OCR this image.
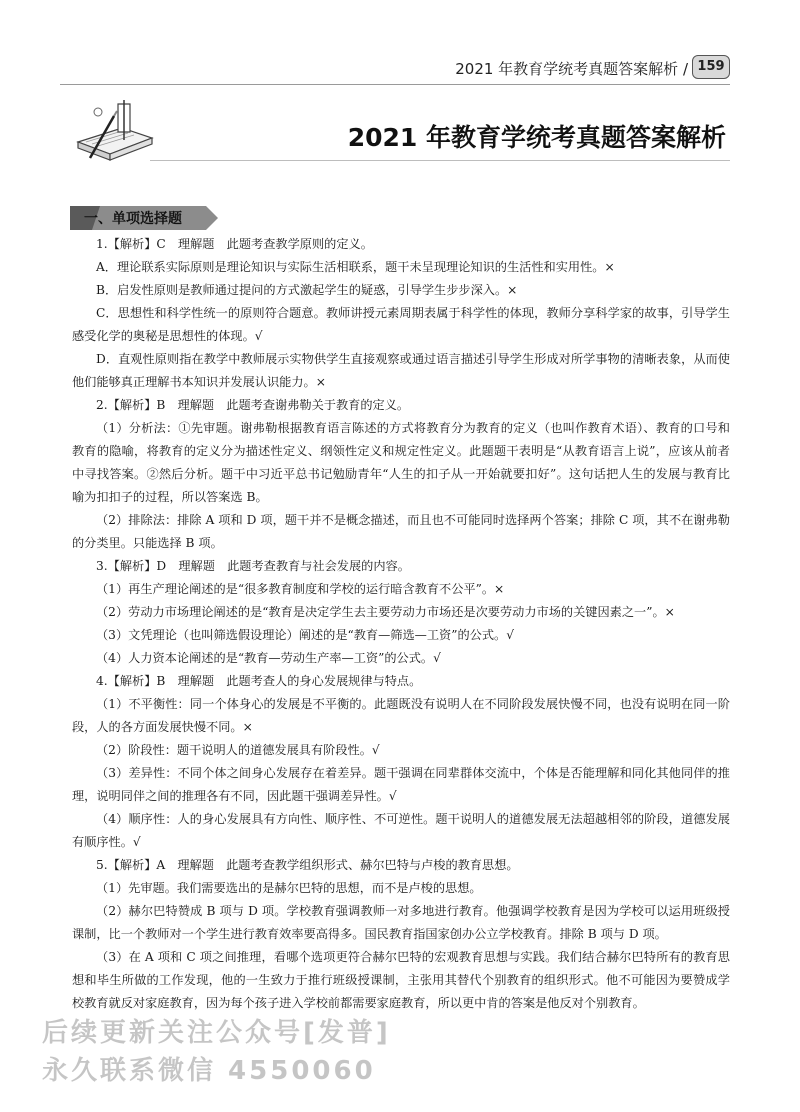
2021 年教育学统考真题答案解析 / 159
2021 年教育学统考真题答案解析
一、单项选择题

1.【解析】C　理解题　此题考查教学原则的定义。

A．理论联系实际原则是理论知识与实际生活相联系，题干未呈现理论知识的生活性和实用性。×

B．启发性原则是教师通过提问的方式激起学生的疑惑，引导学生步步深入。×

C．思想性和科学性统一的原则符合题意。教师讲授元素周期表属于科学性的体现，教师分享科学家的故事，引导学生感受化学的奥秘是思想性的体现。√

D．直观性原则指在教学中教师展示实物供学生直接观察或通过语言描述引导学生形成对所学事物的清晰表象，从而使他们能够真正理解书本知识并发展认识能力。×

2.【解析】B　理解题　此题考查谢弗勒关于教育的定义。

（1）分析法：①先审题。谢弗勒根据教育语言陈述的方式将教育分为教育的定义（也叫作教育术语）、教育的口号和教育的隐喻，将教育的定义分为描述性定义、纲领性定义和规定性定义。此题题干表明是“从教育语言上说”，应该从前者中寻找答案。②然后分析。题干中习近平总书记勉励青年“人生的扣子从一开始就要扣好”。这句话把人生的发展与教育比喻为扣扣子的过程，所以答案选 B。

（2）排除法：排除 A 项和 D 项，题干并不是概念描述，而且也不可能同时选择两个答案；排除 C 项，其不在谢弗勒的分类里。只能选择 B 项。

3.【解析】D　理解题　此题考查教育与社会发展的内容。

（1）再生产理论阐述的是“很多教育制度和学校的运行暗含教育不公平”。×

（2）劳动力市场理论阐述的是“教育是决定学生去主要劳动力市场还是次要劳动力市场的关键因素之一”。×

（3）文凭理论（也叫筛选假设理论）阐述的是“教育—筛选—工资”的公式。√

（4）人力资本论阐述的是“教育—劳动生产率—工资”的公式。√

4.【解析】B　理解题　此题考查人的身心发展规律与特点。

（1）不平衡性：同一个体身心的发展是不平衡的。此题既没有说明人在不同阶段发展快慢不同，也没有说明在同一阶段，人的各方面发展快慢不同。×

（2）阶段性：题干说明人的道德发展具有阶段性。√

（3）差异性：不同个体之间身心发展存在着差异。题干强调在同辈群体交流中，个体是否能理解和同化其他同伴的推理，说明同伴之间的推理各有不同，因此题干强调差异性。√

（4）顺序性：人的身心发展具有方向性、顺序性、不可逆性。题干说明人的道德发展无法超越相邻的阶段，道德发展有顺序性。√

5.【解析】A　理解题　此题考查教学组织形式、赫尔巴特与卢梭的教育思想。

（1）先审题。我们需要选出的是赫尔巴特的思想，而不是卢梭的思想。

（2）赫尔巴特赞成 B 项与 D 项。学校教育强调教师一对多地进行教育。他强调学校教育是因为学校可以运用班级授课制，比一个教师对一个学生进行教育效率要高得多。国民教育指国家创办公立学校教育。排除 B 项与 D 项。

（3）在 A 项和 C 项之间推理，看哪个选项更符合赫尔巴特的宏观教育思想与实践。我们结合赫尔巴特所有的教育思想和毕生所做的工作发现，他的一生致力于推行班级授课制，主张用其替代个别教育的组织形式。他不可能因为要赞成学校教育就反对家庭教育，因为每个孩子进入学校前都需要家庭教育，所以更中肯的答案是他反对个别教育。

后续更新关注公众号[发普]
永久联系微信 4550060
